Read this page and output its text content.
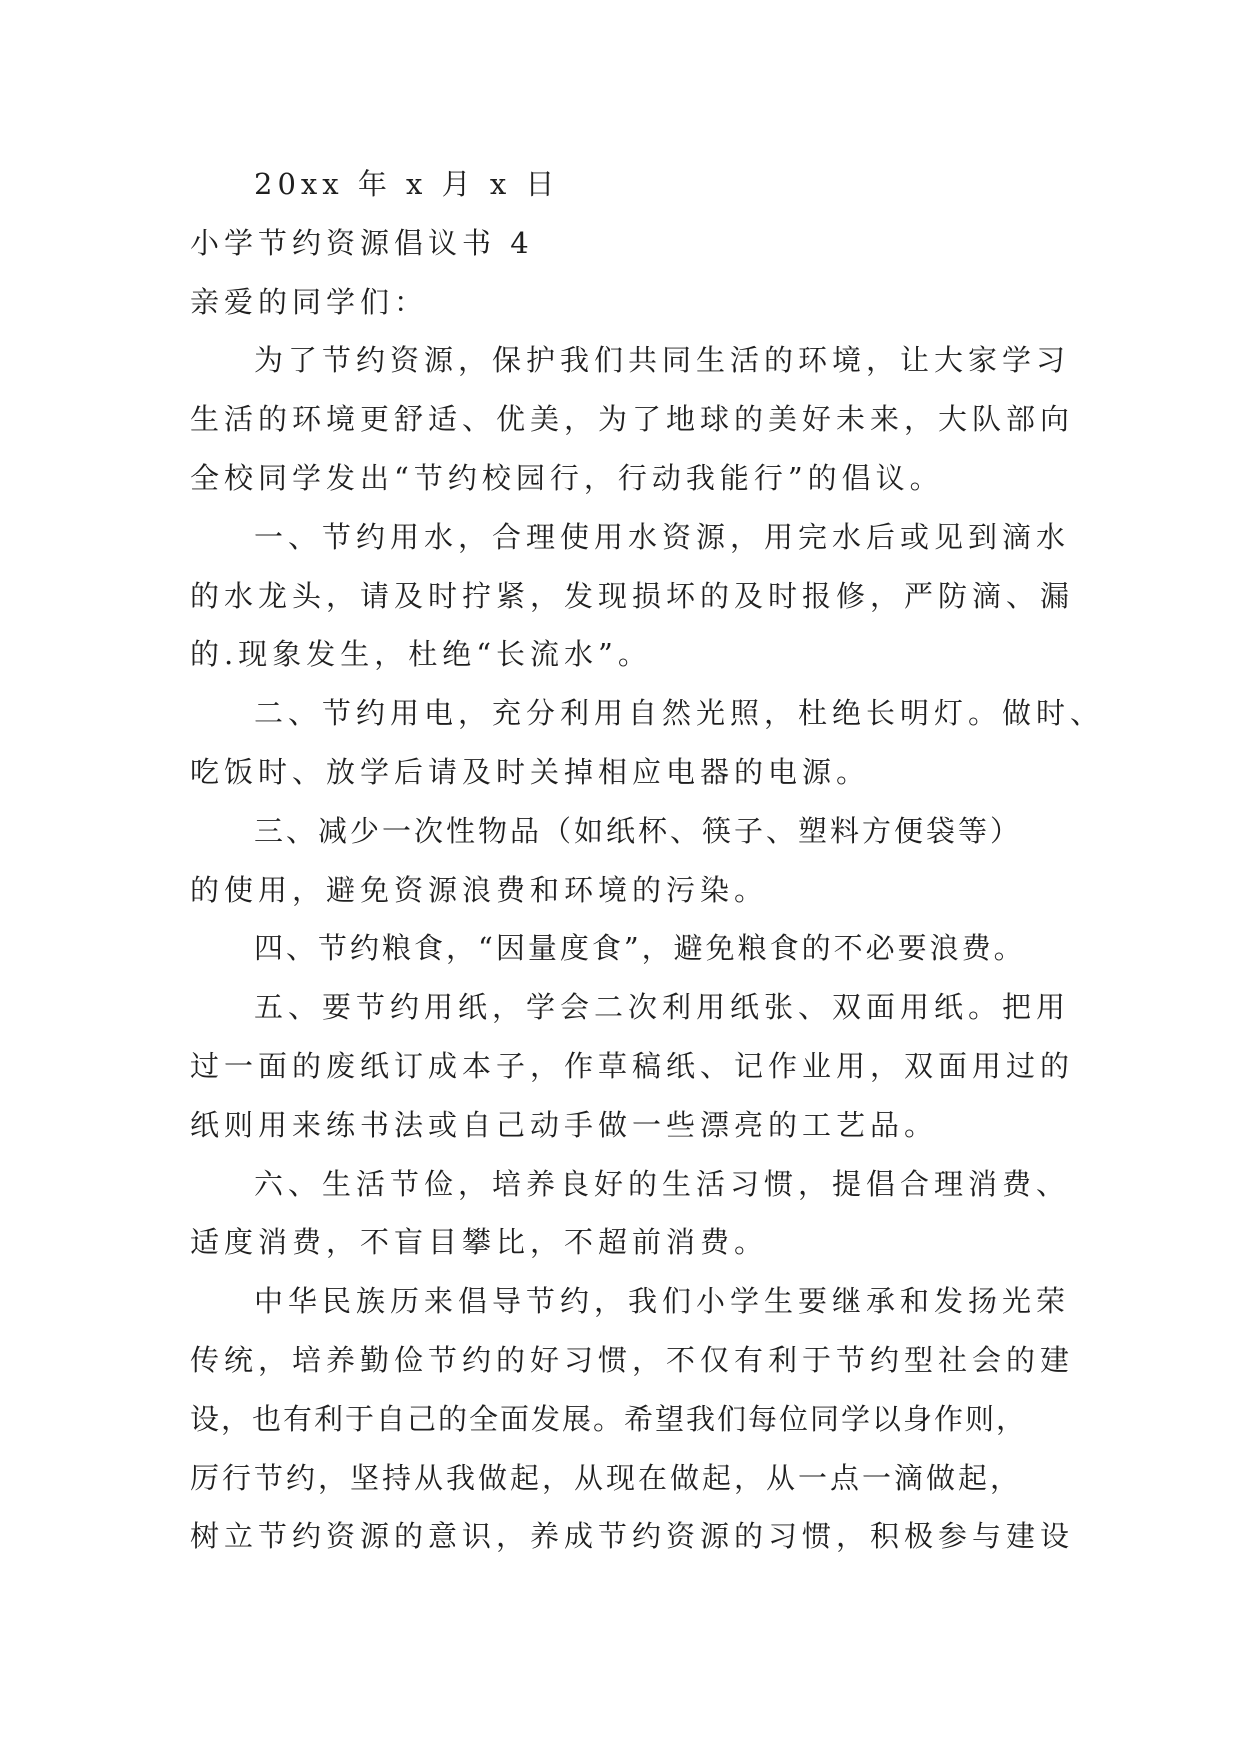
20xx 年 x 月 x 日
小学节约资源倡议书 4
亲爱的同学们：
为了节约资源，保护我们共同生活的环境，让大家学习
生活的环境更舒适、优美，为了地球的美好未来，大队部向
全校同学发出“节约校园行，行动我能行”的倡议。
一、节约用水，合理使用水资源，用完水后或见到滴水
的水龙头，请及时拧紧，发现损坏的及时报修，严防滴、漏
的.现象发生，杜绝“长流水”。
二、节约用电，充分利用自然光照，杜绝长明灯。做时、
吃饭时、放学后请及时关掉相应电器的电源。
三、减少一次性物品（如纸杯、筷子、塑料方便袋等）
的使用，避免资源浪费和环境的污染。
四、节约粮食，“因量度食”，避免粮食的不必要浪费。
五、要节约用纸，学会二次利用纸张、双面用纸。把用
过一面的废纸订成本子，作草稿纸、记作业用，双面用过的
纸则用来练书法或自己动手做一些漂亮的工艺品。
六、生活节俭，培养良好的生活习惯，提倡合理消费、
适度消费，不盲目攀比，不超前消费。
中华民族历来倡导节约，我们小学生要继承和发扬光荣
传统，培养勤俭节约的好习惯，不仅有利于节约型社会的建
设，也有利于自己的全面发展。希望我们每位同学以身作则，
厉行节约，坚持从我做起，从现在做起，从一点一滴做起，
树立节约资源的意识，养成节约资源的习惯，积极参与建设
